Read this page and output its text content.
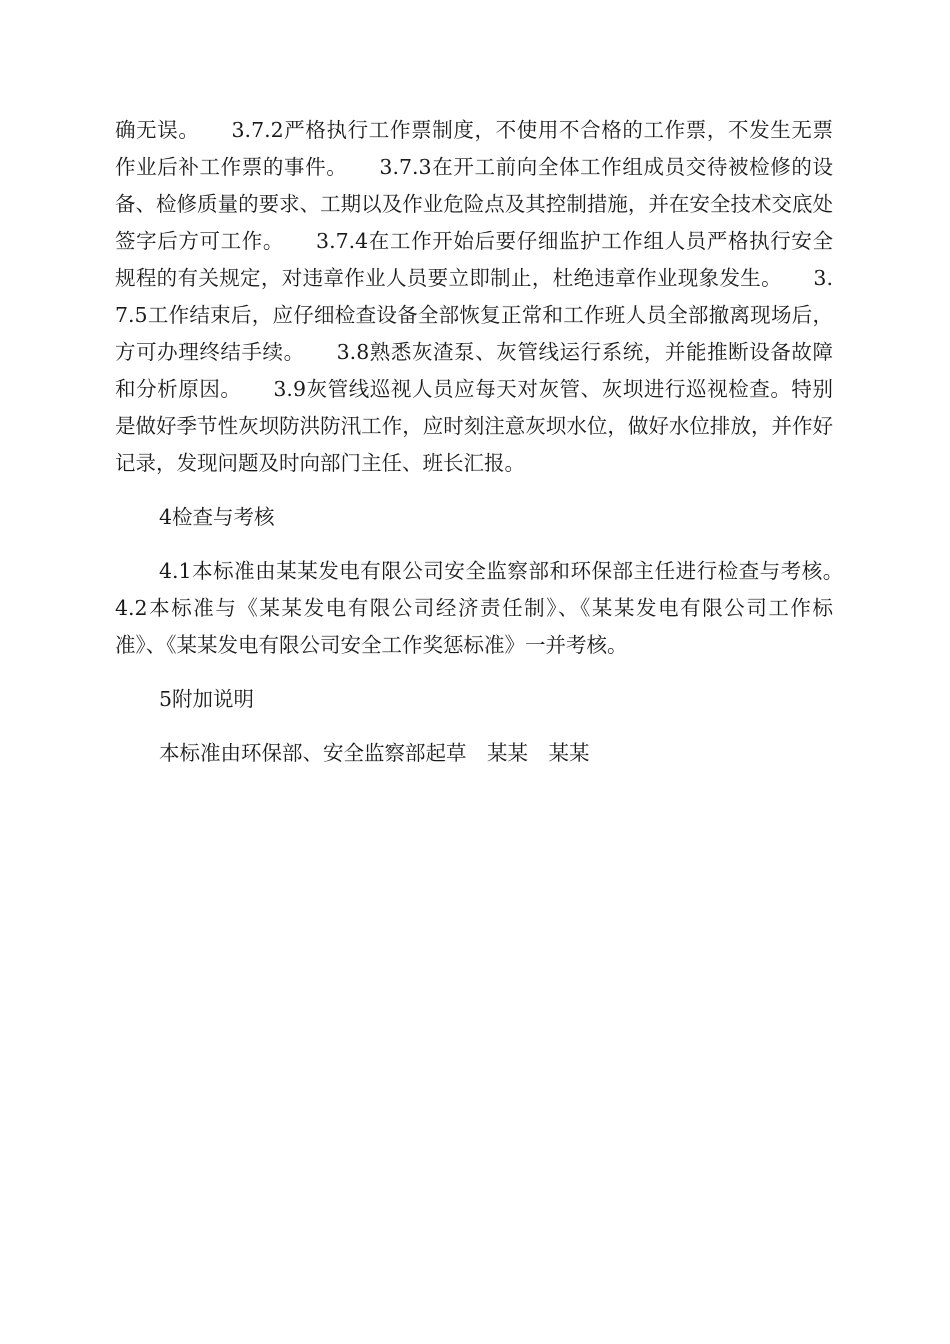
确无误。　　3.7.2严格执行工作票制度，不使用不合格的工作票，不发生无票作业后补工作票的事件。　　3.7.3在开工前向全体工作组成员交待被检修的设备、检修质量的要求、工期以及作业危险点及其控制措施，并在安全技术交底处签字后方可工作。　　3.7.4在工作开始后要仔细监护工作组人员严格执行安全规程的有关规定，对违章作业人员要立即制止，杜绝违章作业现象发生。　　3.7.5工作结束后，应仔细检查设备全部恢复正常和工作班人员全部撤离现场后，方可办理终结手续。　　3.8熟悉灰渣泵、灰管线运行系统，并能推断设备故障和分析原因。　　3.9灰管线巡视人员应每天对灰管、灰坝进行巡视检查。特别是做好季节性灰坝防洪防汛工作，应时刻注意灰坝水位，做好水位排放，并作好记录，发现问题及时向部门主任、班长汇报。

4检查与考核

4.1本标准由某某发电有限公司安全监察部和环保部主任进行检查与考核。　　4.2本标准与《某某发电有限公司经济责任制》、《某某发电有限公司工作标准》、《某某发电有限公司安全工作奖惩标准》一并考核。

5附加说明

本标准由环保部、安全监察部起草　某某　某某
